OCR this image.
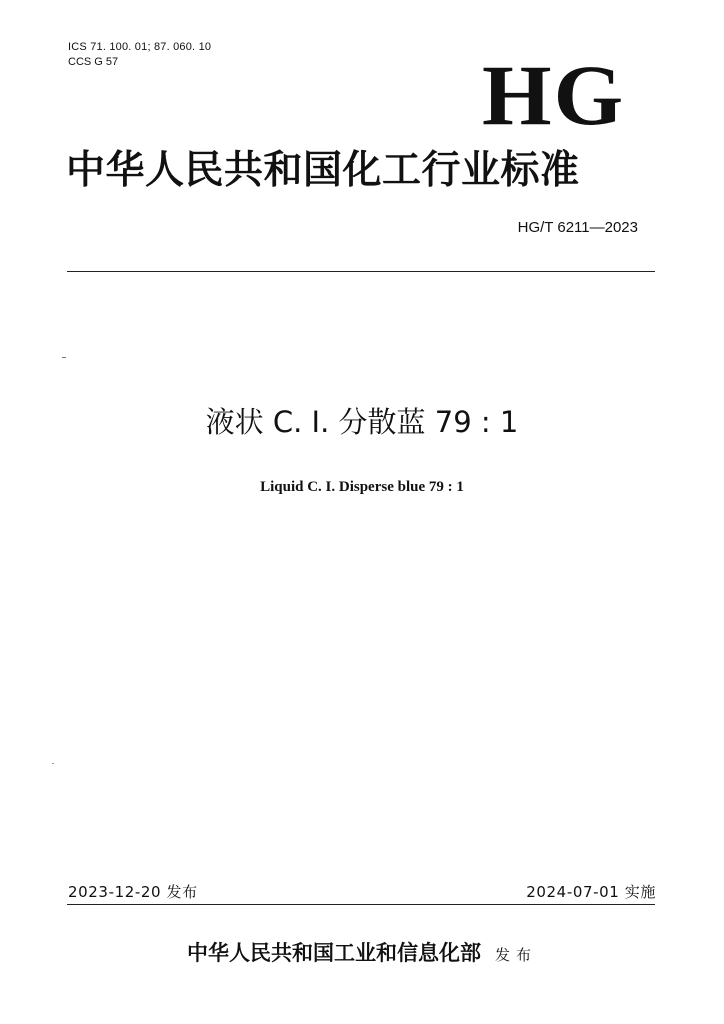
ICS 71. 100. 01; 87. 060. 10
CCS G 57	HG
中华人民共和国化工行业标准
HG/T 6211—2023
液状 C. I. 分散蓝 79 : 1
Liquid C. I. Disperse blue 79 : 1
2023-12-20 发布	2024-07-01 实施
中华人民共和国工业和信息化部 发布
